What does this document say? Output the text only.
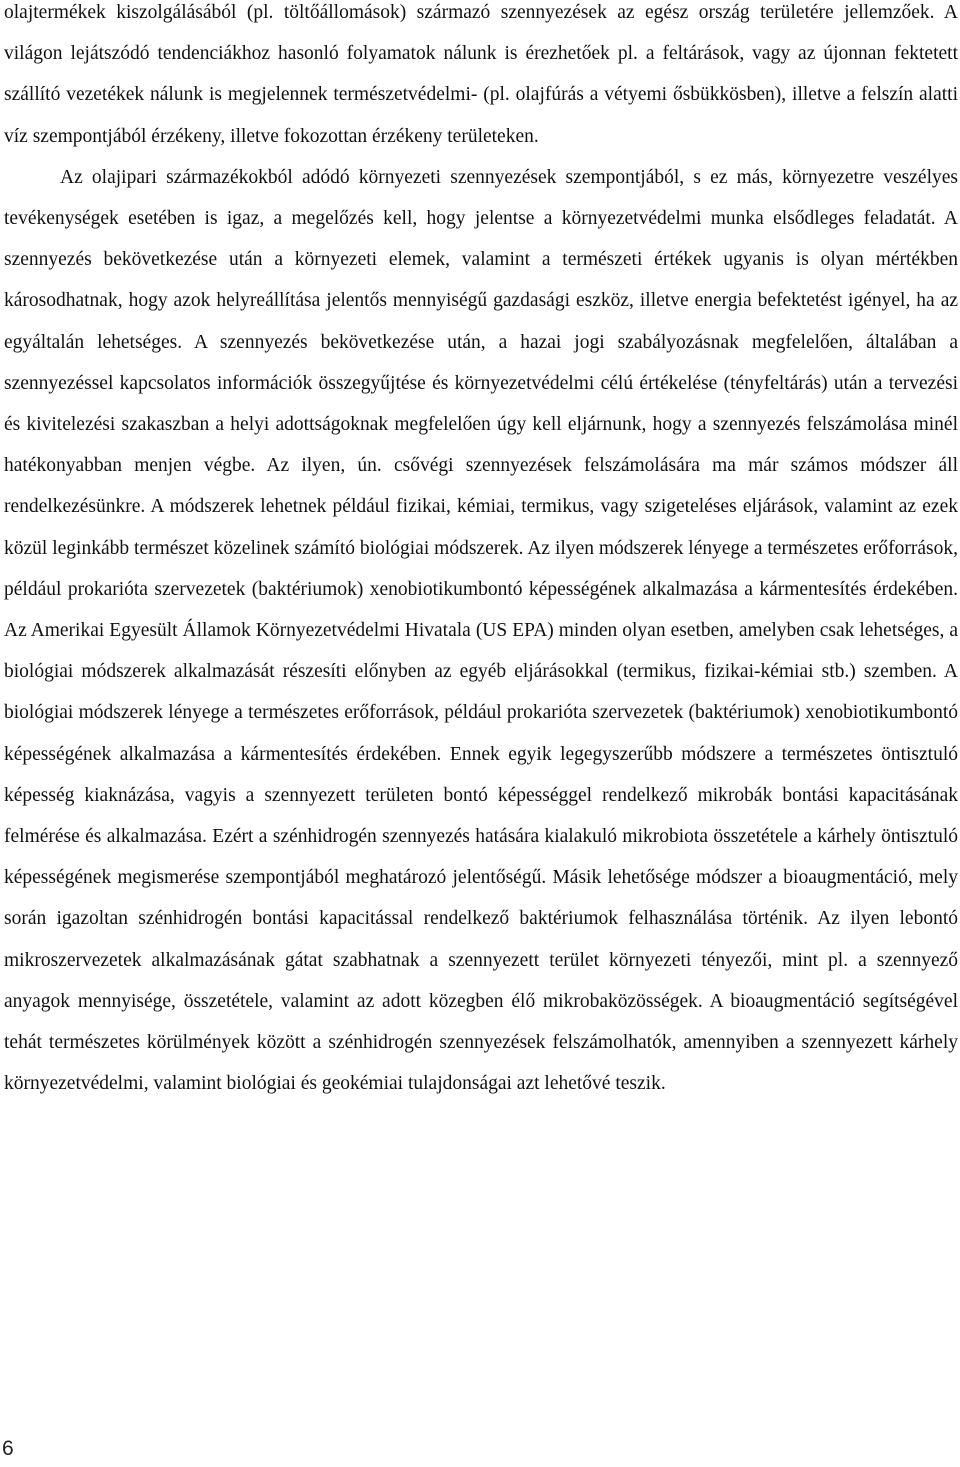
olajtermékek kiszolgálásából (pl. töltőállomások) származó szennyezések az egész ország területére jellemzőek. A világon lejátszódó tendenciákhoz hasonló folyamatok nálunk is érezhetőek pl. a feltárások, vagy az újonnan fektetett szállító vezetékek nálunk is megjelennek természetvédelmi- (pl. olajfúrás a vétyemi ősbükkösben), illetve a felszín alatti víz szempontjából érzékeny, illetve fokozottan érzékeny területeken.

Az olajipari származékokból adódó környezeti szennyezések szempontjából, s ez más, környezetre veszélyes tevékenységek esetében is igaz, a megelőzés kell, hogy jelentse a környezetvédelmi munka elsődleges feladatát. A szennyezés bekövetkezése után a környezeti elemek, valamint a természeti értékek ugyanis is olyan mértékben károsodhatnak, hogy azok helyreállítása jelentős mennyiségű gazdasági eszköz, illetve energia befektetést igényel, ha az egyáltalán lehetséges. A szennyezés bekövetkezése után, a hazai jogi szabályozásnak megfelelően, általában a szennyezéssel kapcsolatos információk összegyűjtése és környezetvédelmi célú értékelése (tényfeltárás) után a tervezési és kivitelezési szakaszban a helyi adottságoknak megfelelően úgy kell eljárnunk, hogy a szennyezés felszámolása minél hatékonyabban menjen végbe. Az ilyen, ún. csővégi szennyezések felszámolására ma már számos módszer áll rendelkezésünkre. A módszerek lehetnek például fizikai, kémiai, termikus, vagy szigeteléses eljárások, valamint az ezek közül leginkább természet közelinek számító biológiai módszerek. Az ilyen módszerek lényege a természetes erőforrások, például prokarióta szervezetek (baktériumok) xenobiotikumbontó képességének alkalmazása a kármentesítés érdekében. Az Amerikai Egyesült Államok Környezetvédelmi Hivatala (US EPA) minden olyan esetben, amelyben csak lehetséges, a biológiai módszerek alkalmazását részesíti előnyben az egyéb eljárásokkal (termikus, fizikai-kémiai stb.) szemben. A biológiai módszerek lényege a természetes erőforrások, például prokarióta szervezetek (baktériumok) xenobiotikumbontó képességének alkalmazása a kármentesítés érdekében. Ennek egyik legegyszerűbb módszere a természetes öntisztuló képesség kiaknázása, vagyis a szennyezett területen bontó képességgel rendelkező mikrobák bontási kapacitásának felmérése és alkalmazása. Ezért a szénhidrogén szennyezés hatására kialakuló mikrobiota összetétele a kárhely öntisztuló képességének megismerése szempontjából meghatározó jelentőségű. Másik lehetősége módszer a bioaugmentáció, mely során igazoltan szénhidrogén bontási kapacitással rendelkező baktériumok felhasználása történik. Az ilyen lebontó mikroszervezetek alkalmazásának gátat szabhatnak a szennyezett terület környezeti tényezői, mint pl. a szennyező anyagok mennyisége, összetétele, valamint az adott közegben élő mikrobaközösségek. A bioaugmentáció segítségével tehát természetes körülmények között a szénhidrogén szennyezések felszámolhatók, amennyiben a szennyezett kárhely környezetvédelmi, valamint biológiai és geokémiai tulajdonságai azt lehetővé teszik.

6
